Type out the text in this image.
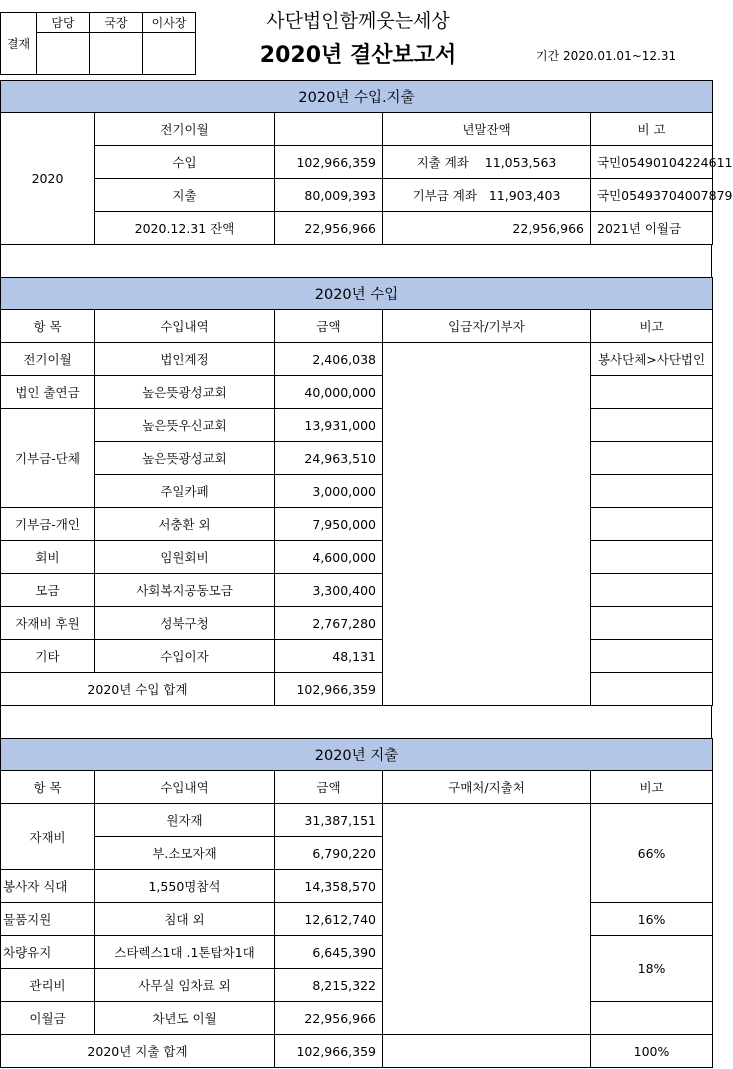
결재	담당	국장	이사장
			사단법인함께웃는세상
2020년 결산보고서	기간 2020.01.01~12.31
2020년 수입.지출				
2020	전기이월		년말잔액	비 고
	수입	102,966,359	지출 계좌 11,053,563	국민05490104224611
	지출	80,009,393	기부금 계좌 11,903,403	국민05493704007879
	2020.12.31 잔액	22,956,966	22,956,966	2021년 이월금
2020년 수입				
항 목	수입내역	금액	입금자/기부자	비고
전기이월	법인계정	2,406,038		봉사단체>사단법인
법인 출연금	높은뜻광성교회	40,000,000		
기부금-단체	높은뜻우신교회	13,931,000		
	높은뜻광성교회	24,963,510		
	주일카페	3,000,000		
기부금-개인	서충환 외	7,950,000		
회비	임원회비	4,600,000		
모금	사회복지공동모금	3,300,400		
자재비 후원	성북구청	2,767,280		
기타	수입이자	48,131		
2020년 수입 합계		102,966,359		
2020년 지출				
항 목	수입내역	금액	구매처/지출처	비고
자재비	원자재	31,387,151		66%
	부.소모자재	6,790,220		
봉사자 식대	1,550명참석	14,358,570		
물품지원	침대 외	12,612,740		16%
차량유지	스타렉스1대 .1톤탑차1대	6,645,390		18%
관리비	사무실 임차료 외	8,215,322		
이월금	차년도 이월	22,956,966		
2020년 지출 합계		102,966,359		100%
